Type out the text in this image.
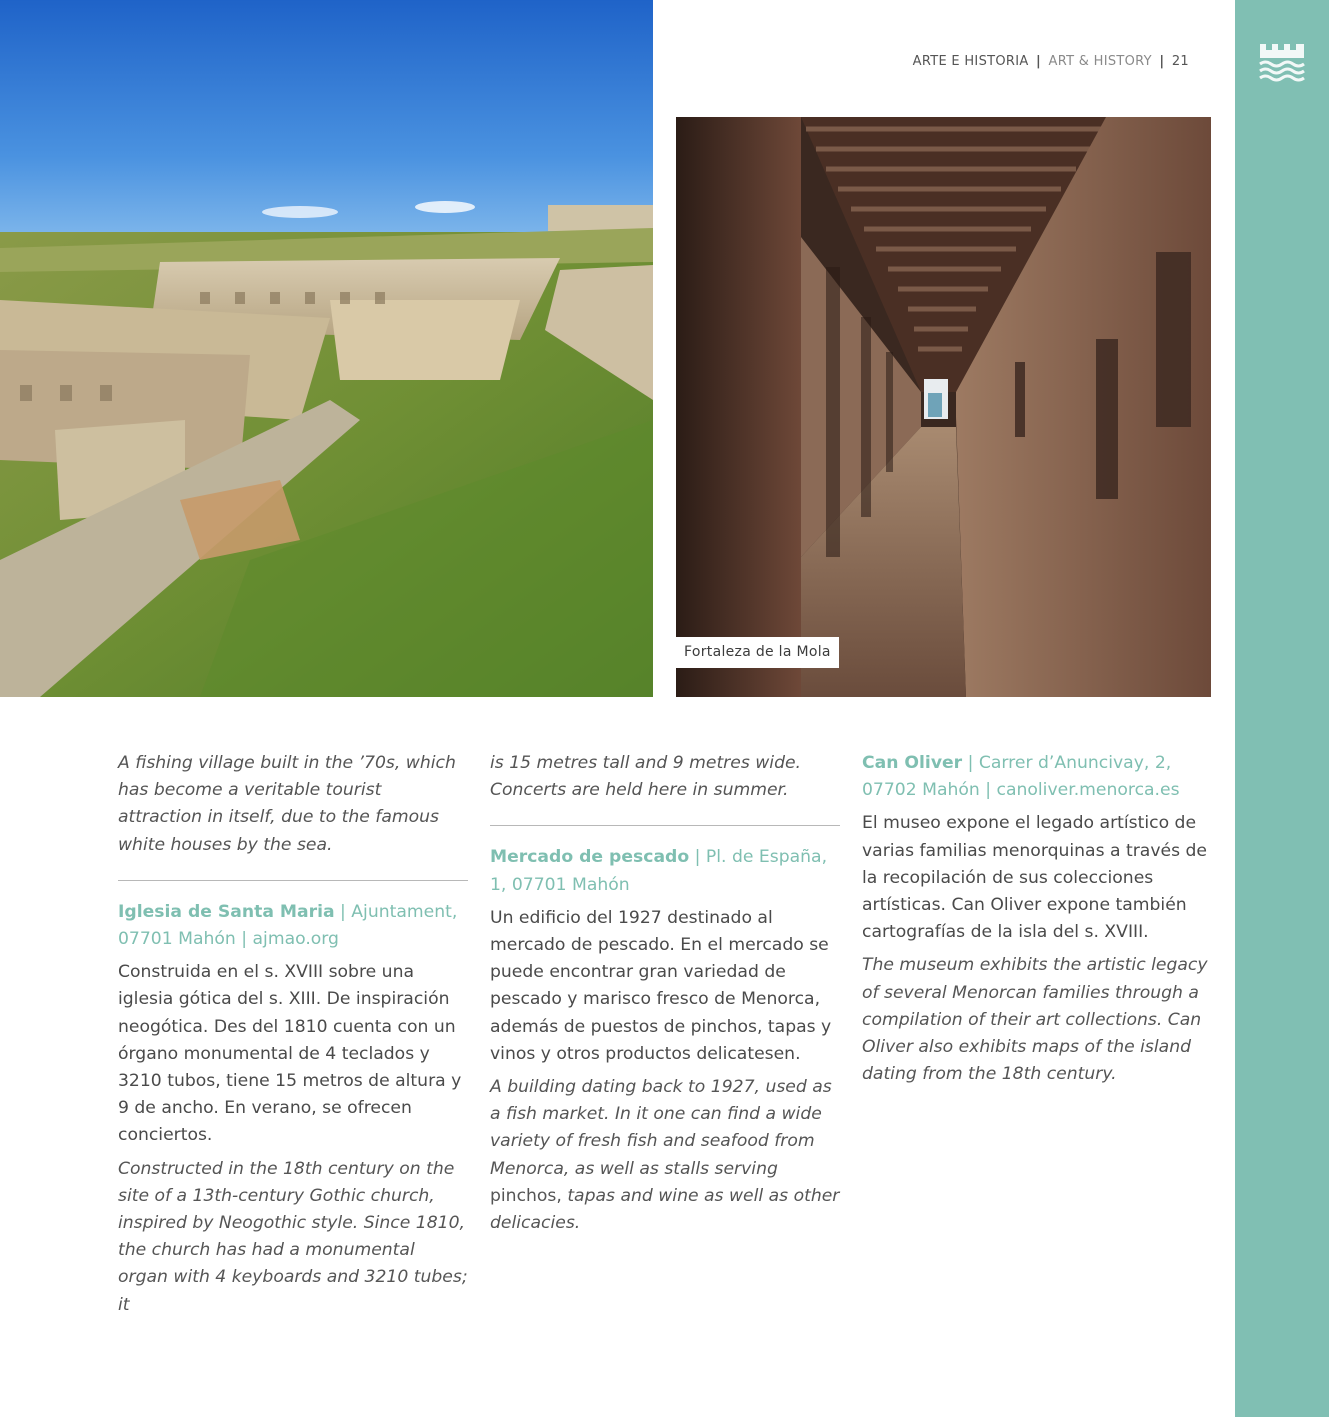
ARTE E HISTORIA | ART & HISTORY | 21
Fortaleza de la Mola

A fishing village built in the ’70s, which has become a veritable tourist attraction in itself, due to the famous white houses by the sea.

Iglesia de Santa Maria | Ajuntament, 07701 Mahón | ajmao.org

Construida en el s. XVIII sobre una iglesia gótica del s. XIII. De inspiración neogótica. Des del 1810 cuenta con un órgano monumental de 4 teclados y 3210 tubos, tiene 15 metros de altura y 9 de ancho. En verano, se ofrecen conciertos.

Constructed in the 18th century on the site of a 13th-century Gothic church, inspired by Neogothic style. Since 1810, the church has had a monumental organ with 4 keyboards and 3210 tubes; it

is 15 metres tall and 9 metres wide. Concerts are held here in summer.

Mercado de pescado | Pl. de España, 1, 07701 Mahón

Un edificio del 1927 destinado al mercado de pescado. En el mercado se puede encontrar gran variedad de pescado y marisco fresco de Menorca, además de puestos de pinchos, tapas y vinos y otros productos delicatesen.

A building dating back to 1927, used as a fish market. In it one can find a wide variety of fresh fish and seafood from Menorca, as well as stalls serving pinchos, tapas and wine as well as other delicacies.

Can Oliver | Carrer d’Anuncivay, 2, 07702 Mahón | canoliver.menorca.es

El museo expone el legado artístico de varias familias menorquinas a través de la recopilación de sus colecciones artísticas. Can Oliver expone también cartografías de la isla del s. XVIII.

The museum exhibits the artistic legacy of several Menorcan families through a compilation of their art collections. Can Oliver also exhibits maps of the island dating from the 18th century.
